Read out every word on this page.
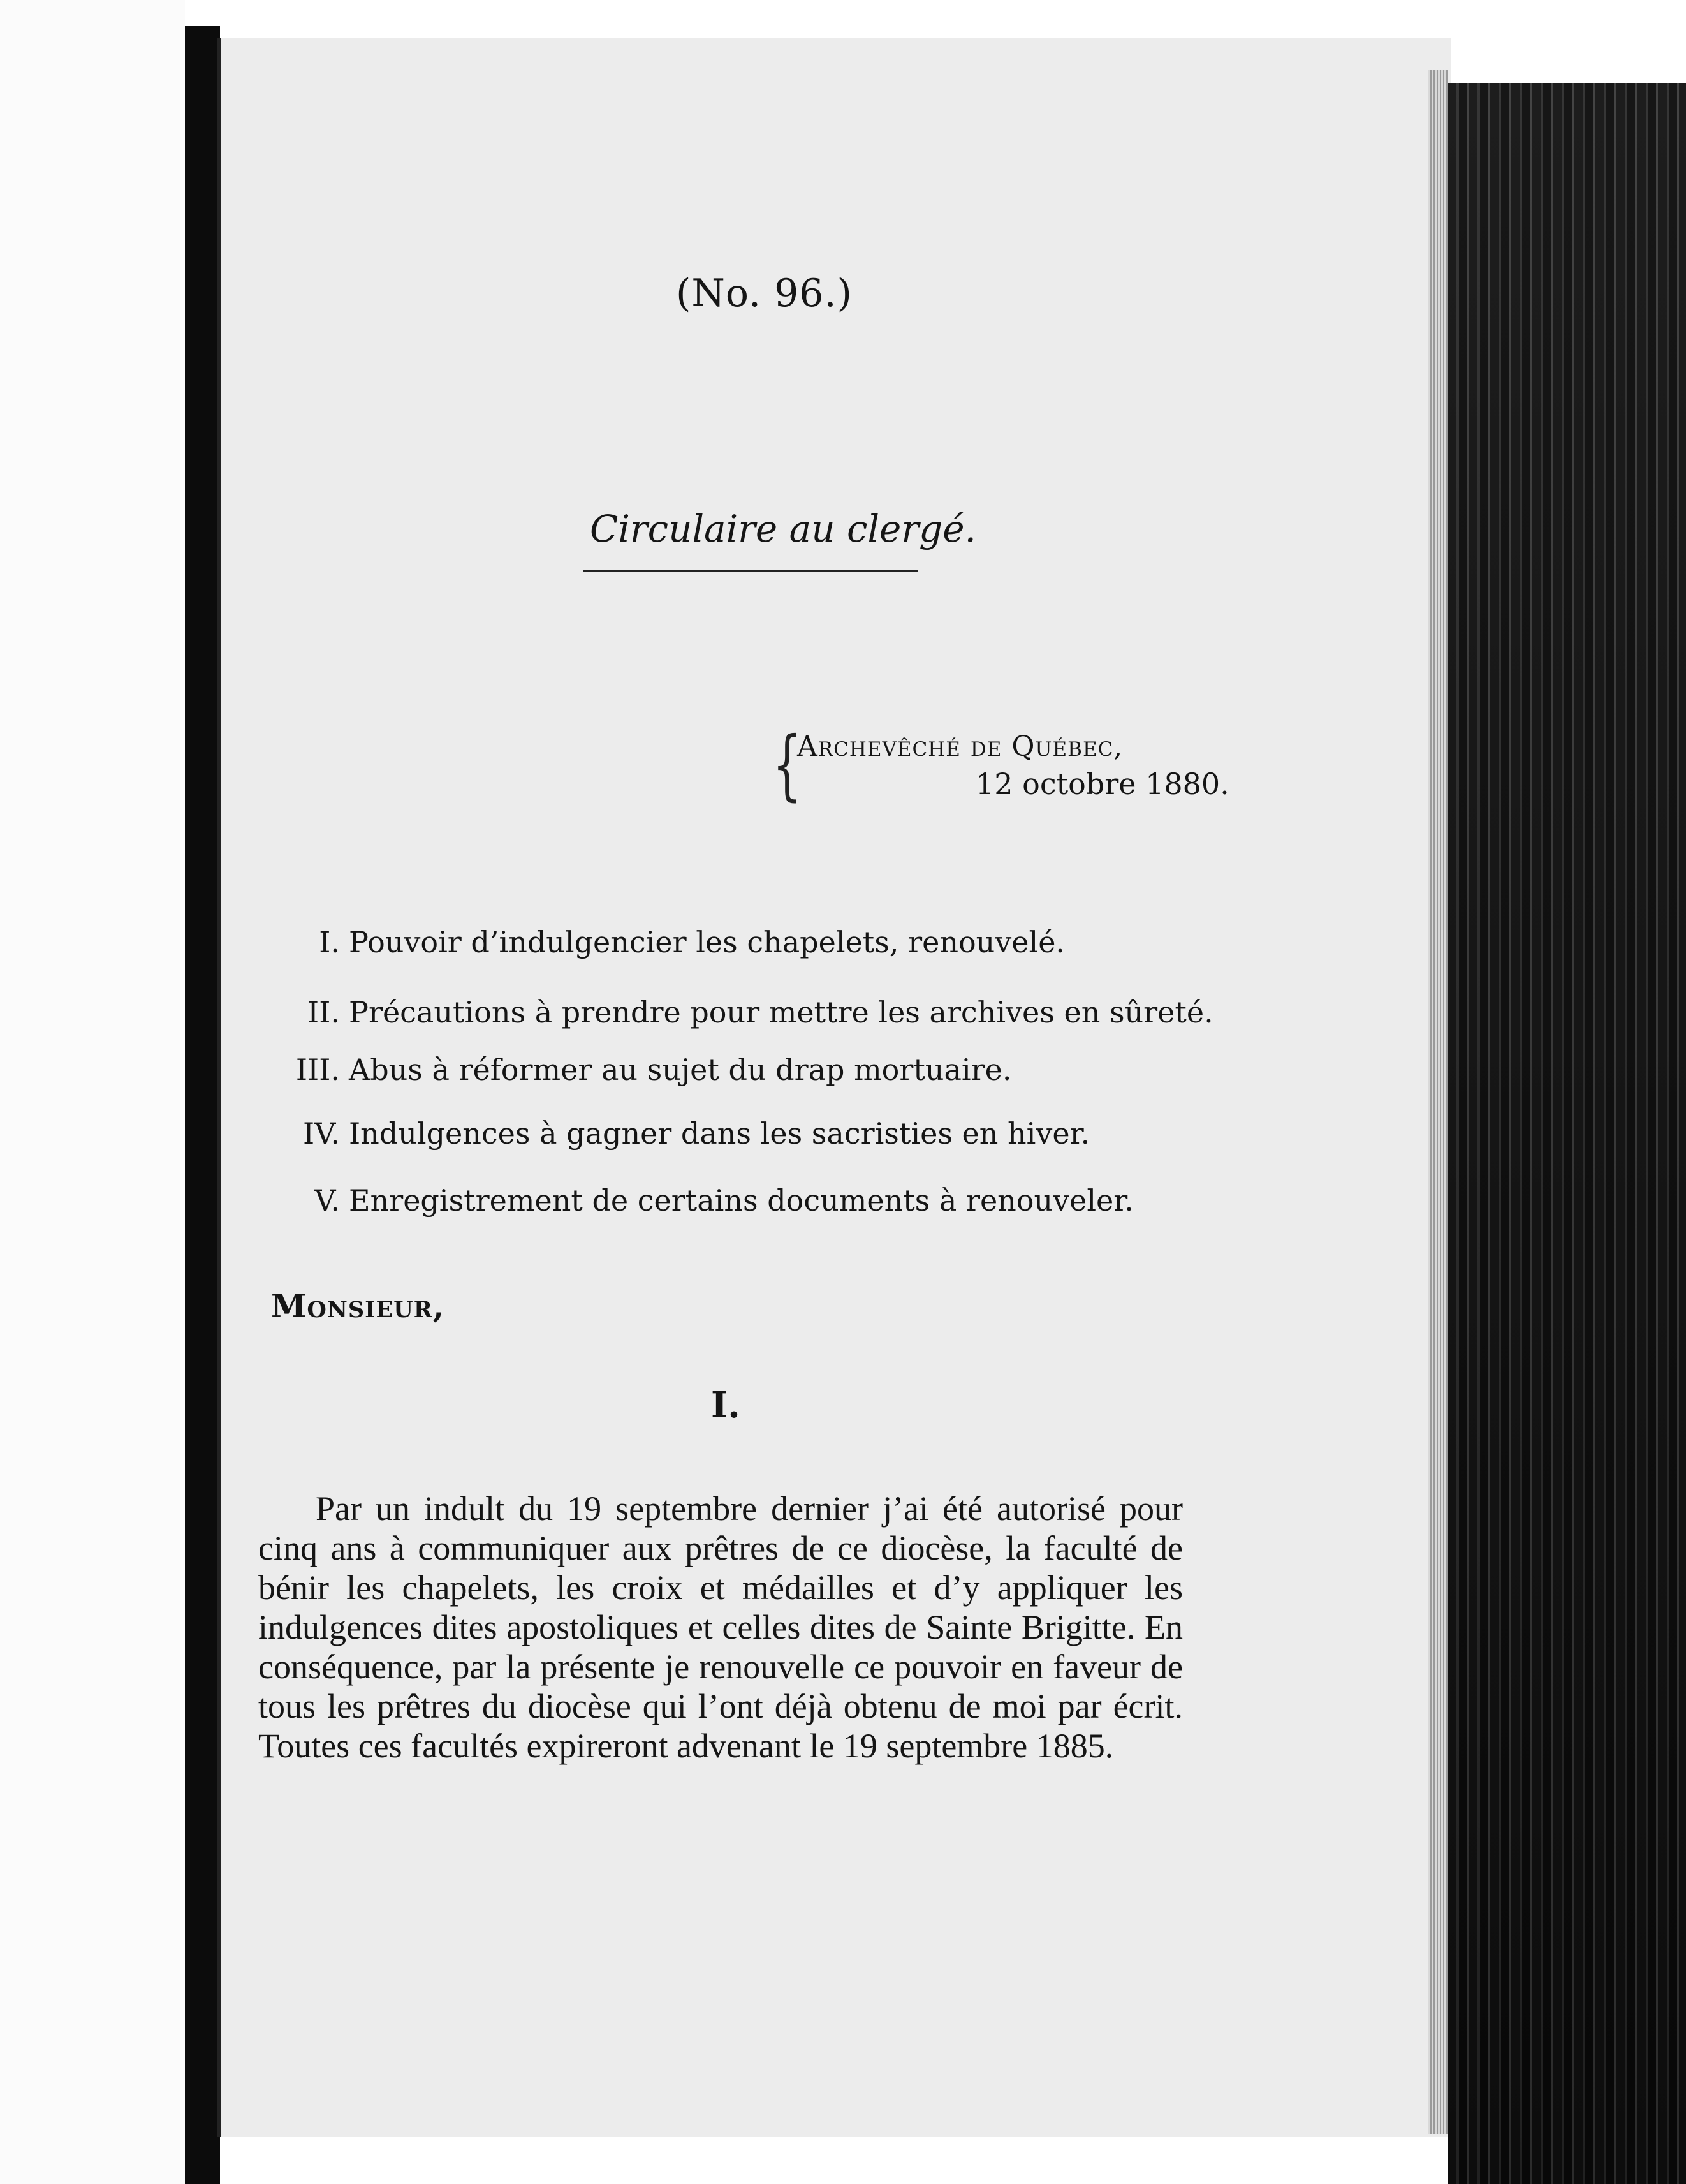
(No. 96.)

Circulaire au clergé.

{

Archevêché de Québec,

12 octobre 1880.

I. Pouvoir d’indulgencier les chapelets, renouvelé.
II. Précautions à prendre pour mettre les archives en sûreté.
III. Abus à réformer au sujet du drap mortuaire.
IV. Indulgences à gagner dans les sacristies en hiver.
V. Enregistrement de certains documents à renouveler.

Monsieur,

I.

Par un indult du 19 septembre dernier j’ai été autorisé pour cinq ans à communiquer aux prêtres de ce diocèse, la faculté de bénir les chapelets, les croix et médailles et d’y appliquer les indulgences dites apostoliques et celles dites de Sainte Brigitte. En conséquence, par la présente je renouvelle ce pouvoir en faveur de tous les prêtres du diocèse qui l’ont déjà obtenu de moi par écrit. Toutes ces facultés expireront advenant le 19 septembre 1885.
